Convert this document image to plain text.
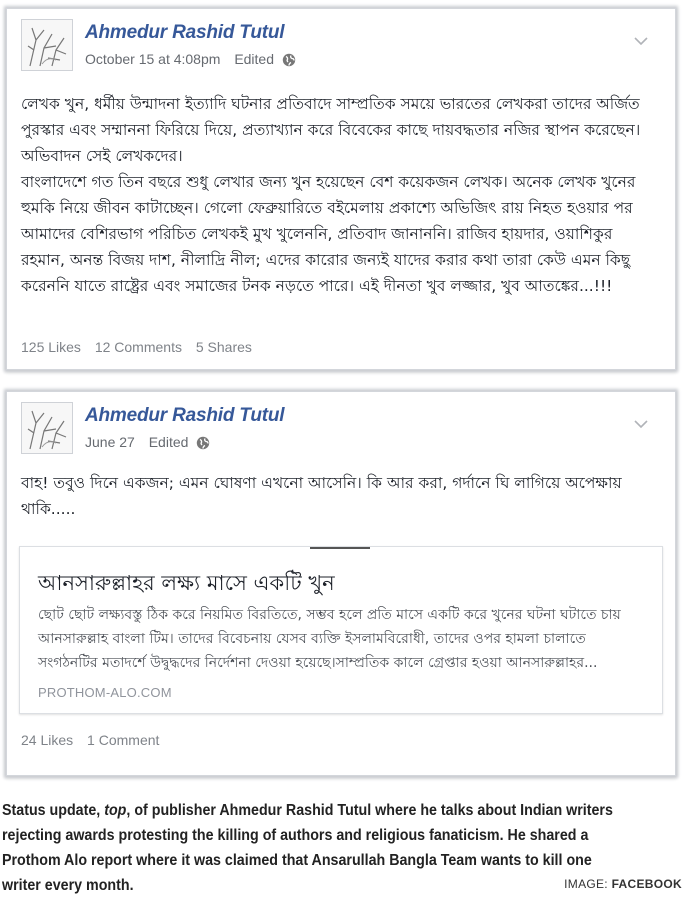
Ahmedur Rashid Tutul
October 15 at 4:08pm Edited

লেখক খুন, ধর্মীয় উন্মাদনা ইত্যাদি ঘটনার প্রতিবাদে সাম্প্রতিক সময়ে ভারতের লেখকরা তাদের অর্জিত পুরস্কার এবং সম্মাননা ফিরিয়ে দিয়ে, প্রত্যাখ্যান করে বিবেকের কাছে দায়বদ্ধতার নজির স্থাপন করেছেন। অভিবাদন সেই লেখকদের।

বাংলাদেশে গত তিন বছরে শুধু লেখার জন্য খুন হয়েছেন বেশ কয়েকজন লেখক। অনেক লেখক খুনের হুমকি নিয়ে জীবন কাটাচ্ছেন। গেলো ফেব্রুয়ারিতে বইমেলায় প্রকাশ্যে অভিজিৎ রায় নিহত হওয়ার পর আমাদের বেশিরভাগ পরিচিত লেখকই মুখ খুলেননি, প্রতিবাদ জানাননি। রাজিব হায়দার, ওয়াশিকুর রহমান, অনন্ত বিজয় দাশ, নীলাদ্রি নীল; এদের কারোর জন্যই যাদের করার কথা তারা কেউ এমন কিছু করেননি যাতে রাষ্ট্রের এবং সমাজের টনক নড়তে পারে। এই দীনতা খুব লজ্জার, খুব আতঙ্কের...!!!

125 Likes 12 Comments 5 Shares
Ahmedur Rashid Tutul
June 27 Edited

বাহ! তবুও দিনে একজন; এমন ঘোষণা এখনো আসেনি। কি আর করা, গর্দানে ঘি লাগিয়ে অপেক্ষায় থাকি.....

আনসারুল্লাহর লক্ষ্য মাসে একটি খুন
ছোট ছোট লক্ষ্যবস্তু ঠিক করে নিয়মিত বিরতিতে, সম্ভব হলে প্রতি মাসে একটি করে খুনের ঘটনা ঘটাতে চায় আনসারুল্লাহ বাংলা টিম। তাদের বিবেচনায় যেসব ব্যক্তি ইসলামবিরোধী, তাদের ওপর হামলা চালাতে সংগঠনটির মতাদর্শে উদ্বুদ্ধদের নির্দেশনা দেওয়া হয়েছে।সাম্প্রতিক কালে গ্রেপ্তার হওয়া আনসারুল্লাহর...
PROTHOM-ALO.COM
24 Likes 1 Comment
Status update, top, of publisher Ahmedur Rashid Tutul where he talks about Indian writers rejecting awards protesting the killing of authors and religious fanaticism. He shared a Prothom Alo report where it was claimed that Ansarullah Bangla Team wants to kill one writer every month.	IMAGE: FACEBOOK
